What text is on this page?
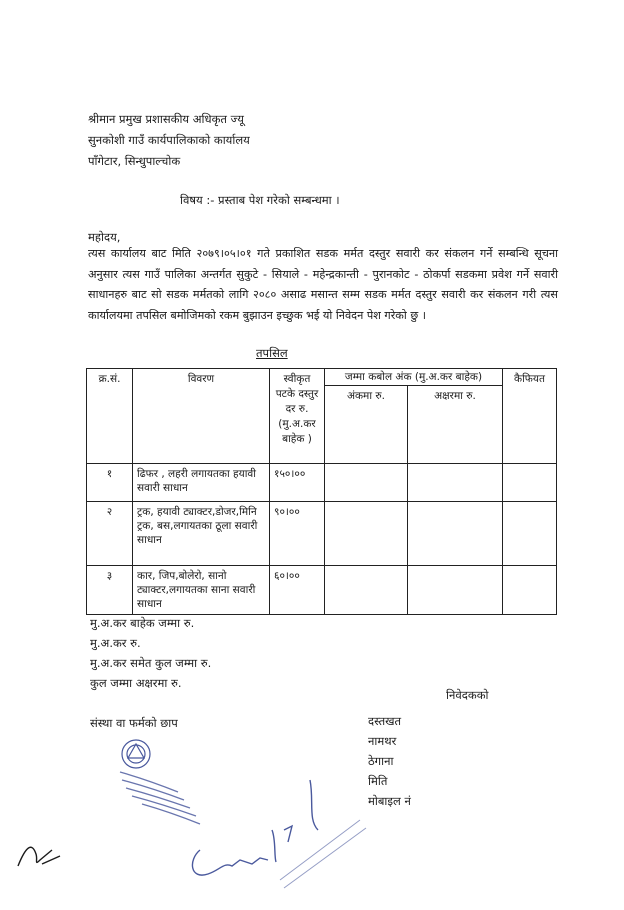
श्रीमान प्रमुख प्रशासकीय अधिकृत ज्यू
सुनकोशी गाउँ कार्यपालिकाको कार्यालय
पाँगेटार, सिन्धुपाल्चोक
विषय :- प्रस्ताब पेश गरेको सम्बन्धमा ।
महोदय,
त्यस कार्यालय बाट मिति २०७९।०५।०१ गते प्रकाशित सडक मर्मत दस्तुर सवारी कर संकलन गर्ने सम्बन्धि सूचना अनुसार त्यस गाउँ पालिका अन्तर्गत सुकुटे - सियाले - महेन्द्रकान्ती - पुरानकोट - ठोकर्पा सडकमा प्रवेश गर्ने सवारी साधानहरु बाट सो सडक मर्मतको लागि २०८० असाढ मसान्त सम्म सडक मर्मत दस्तुर सवारी कर संकलन गरी त्यस कार्यालयमा तपसिल बमोजिमको रकम बुझाउन इच्छुक भई यो निवेदन पेश गरेको छु ।
तपसिल
क्र.सं.	विवरण	स्वीकृत पटके दस्तुर दर रु. (मु.अ.कर बाहेक )	जम्मा कबोल अंक (मु.अ.कर बाहेक)		कैफियत
			अंकमा रु.	अक्षरमा रु.	
१	ढिफर , लहरी लगायतका हयावी सवारी साधान	१५०।००			
२	ट्रक, हयावी ट्याक्टर,डोजर,मिनि ट्रक, बस,लगायतका ठूला सवारी साधान	९०।००			
३	कार, जिप,बोलेरो, सानो ट्याक्टर,लगायतका साना सवारी साधान	६०।००			
मु.अ.कर बाहेक जम्मा रु.
मु.अ.कर रु.
मु.अ.कर समेत कुल जम्मा रु.
कुल जम्मा अक्षरमा रु.
निवेदकको
संस्था वा फर्मको छाप	दस्तखत
नामथर
ठेगाना
मिति
मोबाइल नं
